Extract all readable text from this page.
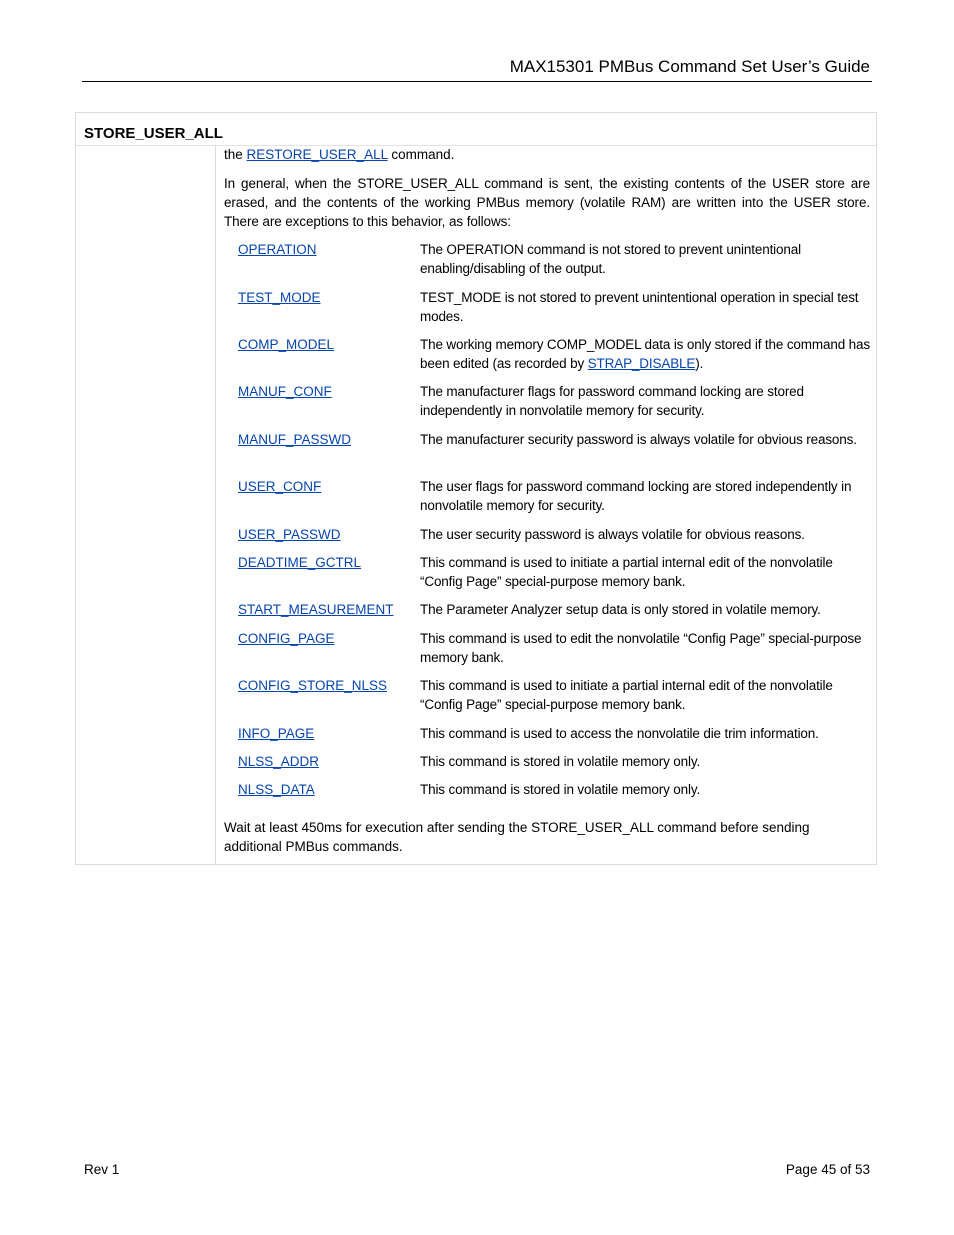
MAX15301 PMBus Command Set User’s Guide
STORE_USER_ALL
the RESTORE_USER_ALL command.
In general, when the STORE_USER_ALL command is sent, the existing contents of the USER store are erased, and the contents of the working PMBus memory (volatile RAM) are written into the USER store. There are exceptions to this behavior, as follows:
OPERATION	The OPERATION command is not stored to prevent unintentional enabling/disabling of the output.
TEST_MODE	TEST_MODE is not stored to prevent unintentional operation in special test modes.
COMP_MODEL	The working memory COMP_MODEL data is only stored if the command has been edited (as recorded by STRAP_DISABLE).
MANUF_CONF	The manufacturer flags for password command locking are stored independently in nonvolatile memory for security.
MANUF_PASSWD	The manufacturer security password is always volatile for obvious reasons.
USER_CONF	The user flags for password command locking are stored independently in nonvolatile memory for security.
USER_PASSWD	The user security password is always volatile for obvious reasons.
DEADTIME_GCTRL	This command is used to initiate a partial internal edit of the nonvolatile “Config Page” special-purpose memory bank.
START_MEASUREMENT The Parameter Analyzer setup data is only stored in volatile memory.
CONFIG_PAGE	This command is used to edit the nonvolatile “Config Page” special-purpose memory bank.
CONFIG_STORE_NLSS This command is used to initiate a partial internal edit of the nonvolatile “Config Page” special-purpose memory bank.
INFO_PAGE	This command is used to access the nonvolatile die trim information.
NLSS_ADDR	This command is stored in volatile memory only.
NLSS_DATA	This command is stored in volatile memory only.
Wait at least 450ms for execution after sending the STORE_USER_ALL command before sending additional PMBus commands.
Rev 1	Page 45 of 53
